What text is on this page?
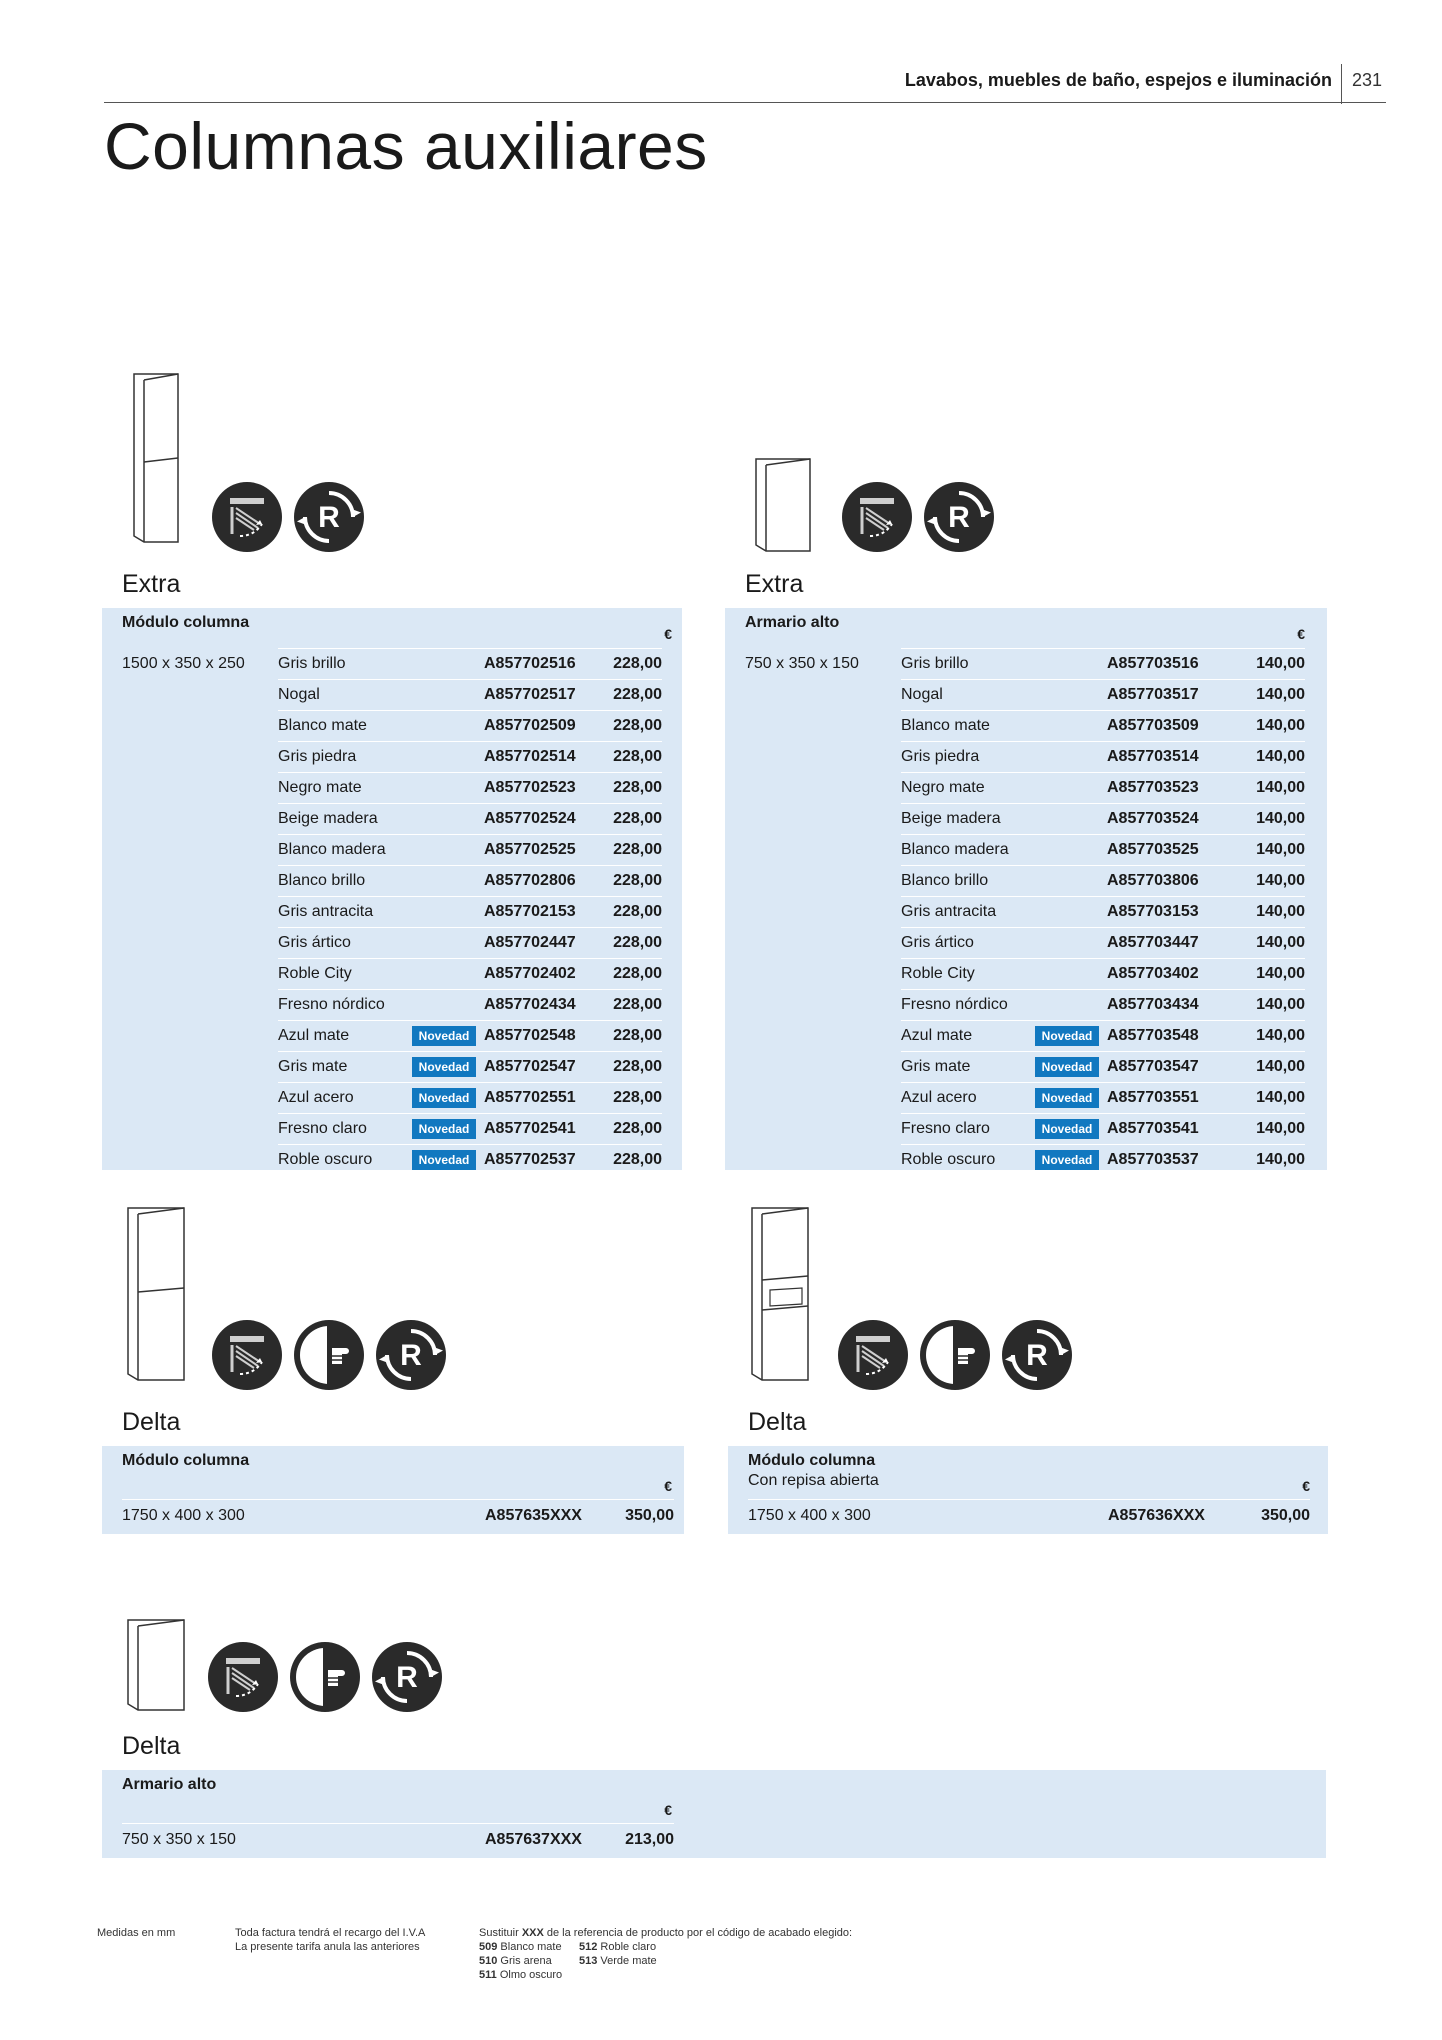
Lavabos, muebles de baño, espejos e iluminación 231
Columnas auxiliares
Extra
Módulo columna
€
1500 x 350 x 250 Gris brillo	A857702516 228,00
Nogal	A857702517 228,00
Blanco mate	A857702509 228,00
Gris piedra	A857702514 228,00
Negro mate	A857702523 228,00
Beige madera	A857702524 228,00
Blanco madera	A857702525 228,00
Blanco brillo	A857702806 228,00
Gris antracita	A857702153 228,00
Gris ártico	A857702447 228,00
Roble City	A857702402 228,00
Fresno nórdico	A857702434 228,00
Azul mate	Novedad A857702548 228,00
Gris mate	Novedad A857702547 228,00
Azul acero	Novedad A857702551 228,00
Fresno claro	Novedad A857702541 228,00
Roble oscuro	Novedad A857702537 228,00
Extra
Armario alto
€
750 x 350 x 150	Gris brillo	A857703516	140,00
Nogal	A857703517	140,00
Blanco mate	A857703509	140,00
Gris piedra	A857703514	140,00
Negro mate	A857703523	140,00
Beige madera	A857703524	140,00
Blanco madera	A857703525	140,00
Blanco brillo	A857703806	140,00
Gris antracita	A857703153	140,00
Gris ártico	A857703447	140,00
Roble City	A857703402	140,00
Fresno nórdico	A857703434	140,00
Azul mate	Novedad A857703548	140,00
Gris mate	Novedad A857703547	140,00
Azul acero	Novedad A857703551	140,00
Fresno claro	Novedad A857703541	140,00
Roble oscuro	Novedad A857703537	140,00
Delta
Módulo columna
€
1750 x 400 x 300	A857635XXX	350,00
Delta
Módulo columna
Con repisa abierta	€
1750 x 400 x 300	A857636XXX	350,00
Delta
Armario alto
€
750 x 350 x 150	A857637XXX	213,00
Medidas en mm	Toda factura tendrá el recargo del I.V.A
La presente tarifa anula las anteriores
Sustituir XXX de la referencia de producto por el código de acabado elegido:
509 Blanco mate	512 Roble claro
510 Gris arena	513 Verde mate
511 Olmo oscuro
